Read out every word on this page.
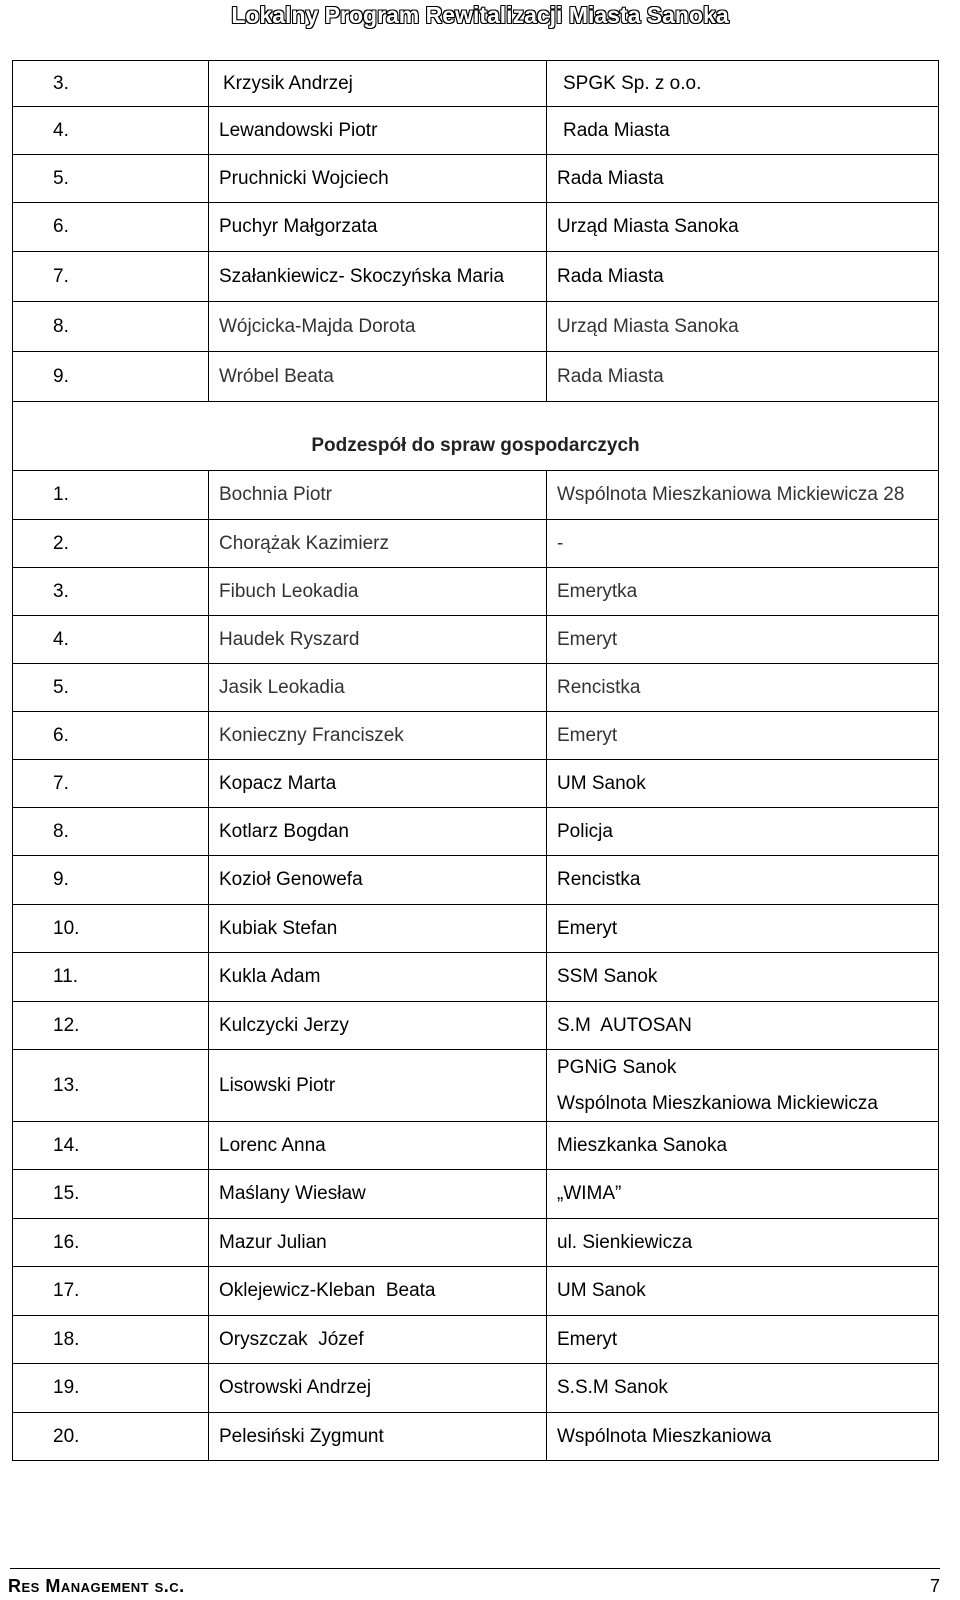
Lokalny Program Rewitalizacji Miasta Sanoka
3.	Krzysik Andrzej	SPGK Sp. z o.o.
4.	Lewandowski Piotr	Rada Miasta
5.	Pruchnicki Wojciech	Rada Miasta
6.	Puchyr Małgorzata	Urząd Miasta Sanoka
7.	Szałankiewicz- Skoczyńska Maria	Rada Miasta
8.	Wójcicka-Majda Dorota	Urząd Miasta Sanoka
9.	Wróbel Beata	Rada Miasta
Podzespół do spraw gospodarczych		
1.	Bochnia Piotr	Wspólnota Mieszkaniowa Mickiewicza 28
2.	Chorążak Kazimierz	-
3.	Fibuch Leokadia	Emerytka
4.	Haudek Ryszard	Emeryt
5.	Jasik Leokadia	Rencistka
6.	Konieczny Franciszek	Emeryt
7.	Kopacz Marta	UM Sanok
8.	Kotlarz Bogdan	Policja
9.	Kozioł Genowefa	Rencistka
10.	Kubiak Stefan	Emeryt
11.	Kukla Adam	SSM Sanok
12.	Kulczycki Jerzy	S.M  AUTOSAN
13.	Lisowski Piotr	PGNiG Sanok
Wspólnota Mieszkaniowa Mickiewicza

14.	Lorenc Anna	Mieszkanka Sanoka
15.	Maślany Wiesław	„WIMA”
16.	Mazur Julian	ul. Sienkiewicza
17.	Oklejewicz-Kleban  Beata	UM Sanok
18.	Oryszczak  Józef	Emeryt
19.	Ostrowski Andrzej	S.S.M Sanok
20.	Pelesiński Zygmunt	Wspólnota Mieszkaniowa
Res Management s.c.	7
